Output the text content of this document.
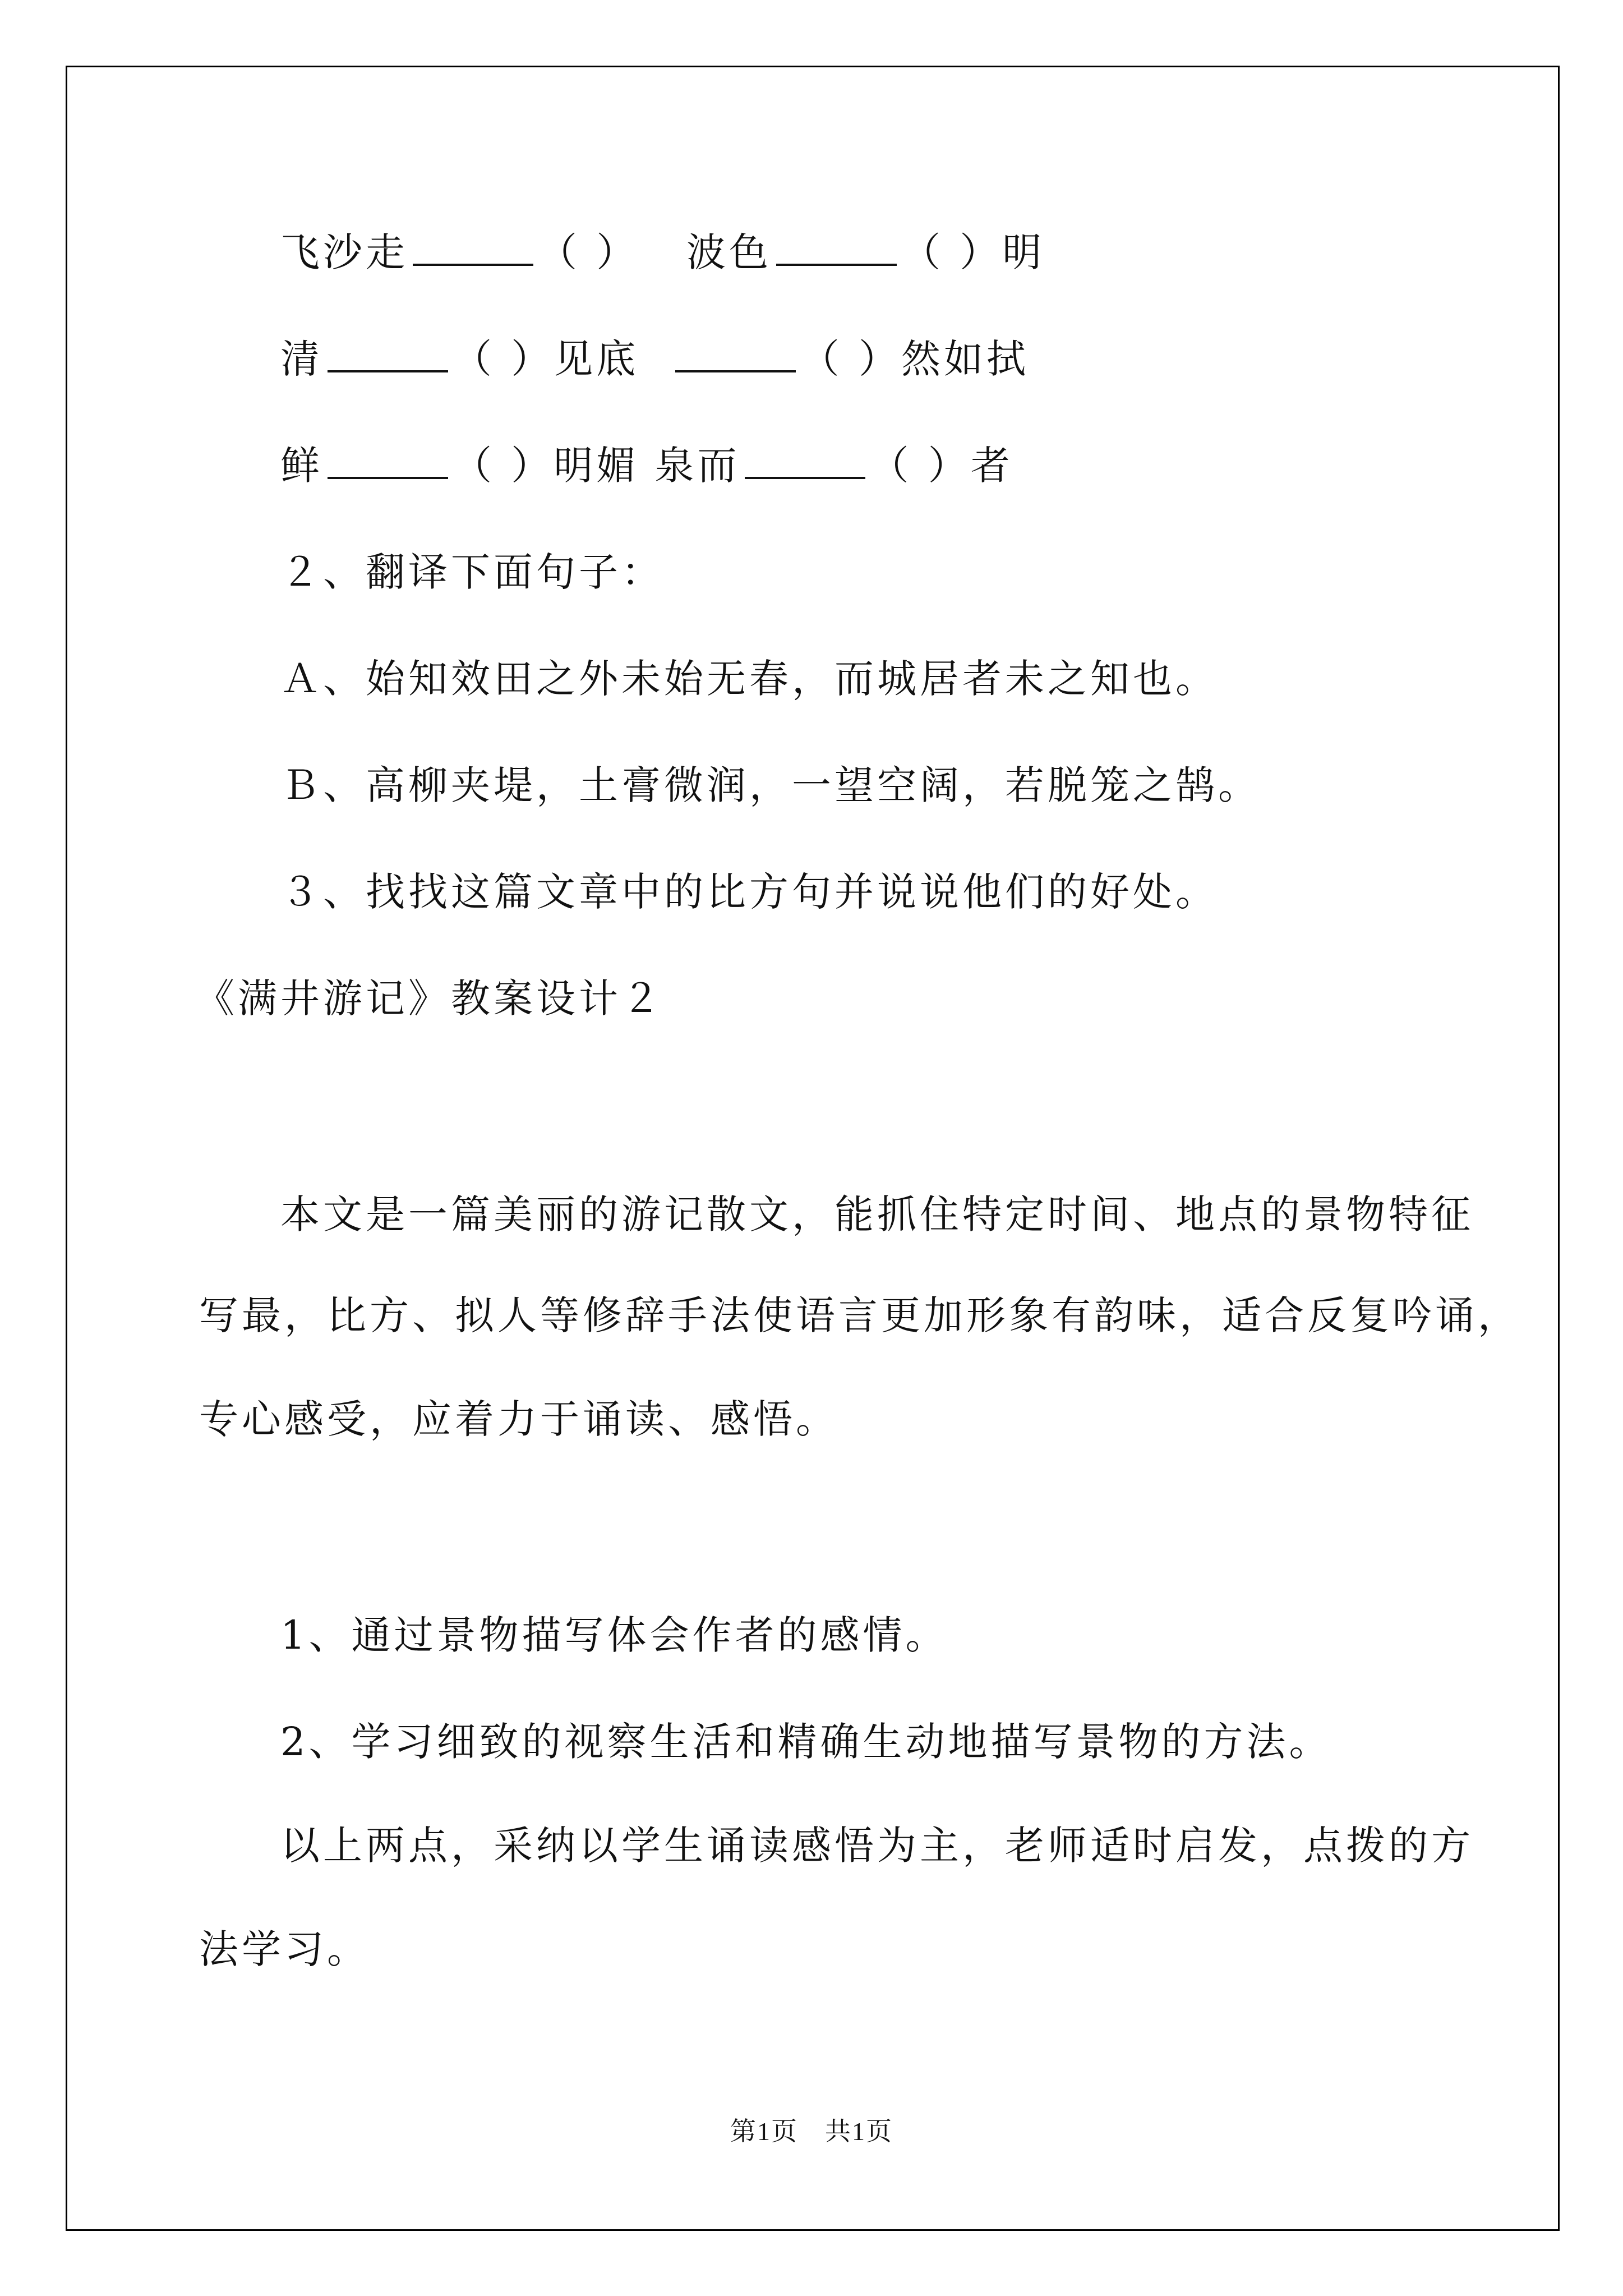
飞沙走	（ ） 波色	（ ）明
清	（ ）见底	（ ）然如拭
鲜	（ ）明媚 泉而	（ ）者
２、翻译下面句子：
Ａ、始知效田之外未始无春，而城居者未之知也。
Ｂ、高柳夹堤，土膏微润，一望空阔，若脱笼之鹄。
３、找找这篇文章中的比方句并说说他们的好处。
《满井游记》教案设计２
本文是一篇美丽的游记散文，能抓住特定时间、地点的景物特征
写最，比方、拟人等修辞手法使语言更加形象有韵味，适合反复吟诵，
专心感受，应着力于诵读、感悟。
1、通过景物描写体会作者的感情。
2、学习细致的视察生活和精确生动地描写景物的方法。
以上两点，采纳以学生诵读感悟为主，老师适时启发，点拨的方
法学习。
第1页　共1页
